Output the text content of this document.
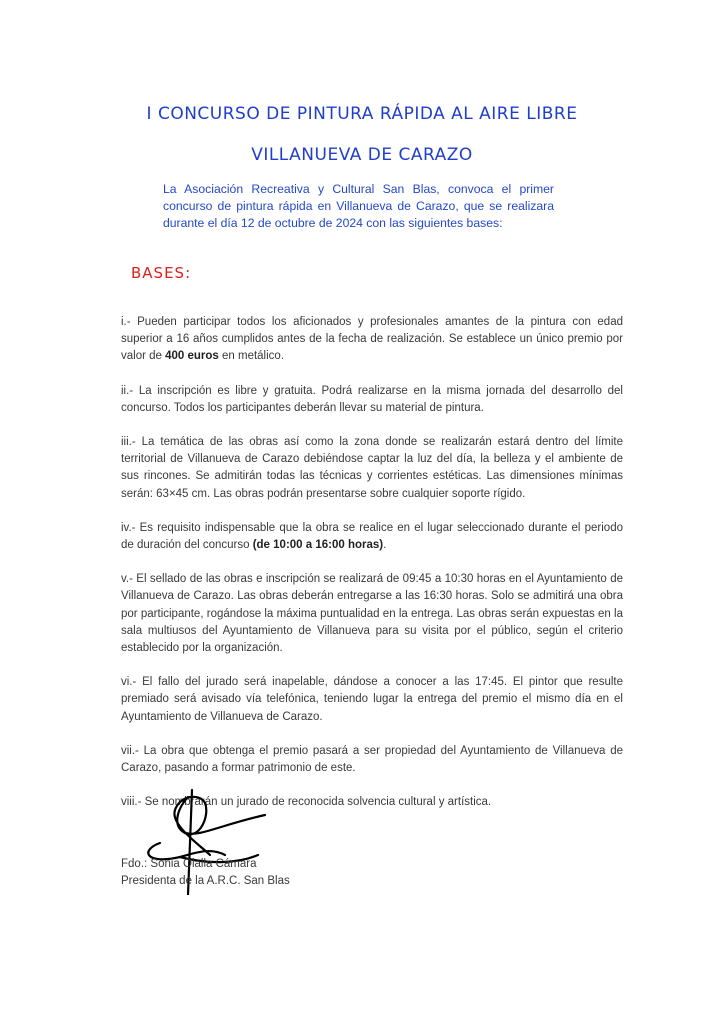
I CONCURSO DE PINTURA RÁPIDA AL AIRE LIBRE
VILLANUEVA DE CARAZO
La Asociación Recreativa y Cultural San Blas, convoca el primer concurso de pintura rápida en Villanueva de Carazo, que se realizara durante el día 12 de octubre de 2024 con las siguientes bases:
BASES:

i.- Pueden participar todos los aficionados y profesionales amantes de la pintura con edad superior a 16 años cumplidos antes de la fecha de realización. Se establece un único premio por valor de 400 euros en metálico.

ii.- La inscripción es libre y gratuita. Podrá realizarse en la misma jornada del desarrollo del concurso. Todos los participantes deberán llevar su material de pintura.

iii.- La temática de las obras así como la zona donde se realizarán estará dentro del límite territorial de Villanueva de Carazo debiéndose captar la luz del día, la belleza y el ambiente de sus rincones. Se admitirán todas las técnicas y corrientes estéticas. Las dimensiones mínimas serán: 63×45 cm. Las obras podrán presentarse sobre cualquier soporte rígido.

iv.- Es requisito indispensable que la obra se realice en el lugar seleccionado durante el periodo de duración del concurso (de 10:00 a 16:00 horas).

v.- El sellado de las obras e inscripción se realizará de 09:45 a 10:30 horas en el Ayuntamiento de Villanueva de Carazo. Las obras deberán entregarse a las 16:30 horas. Solo se admitirá una obra por participante, rogándose la máxima puntualidad en la entrega. Las obras serán expuestas en la sala multiusos del Ayuntamiento de Villanueva para su visita por el público, según el criterio establecido por la organización.

vi.- El fallo del jurado será inapelable, dándose a conocer a las 17:45. El pintor que resulte premiado será avisado vía telefónica, teniendo lugar la entrega del premio el mismo día en el Ayuntamiento de Villanueva de Carazo.

vii.- La obra que obtenga el premio pasará a ser propiedad del Ayuntamiento de Villanueva de Carazo, pasando a formar patrimonio de este.

viii.- Se nombrarán un jurado de reconocida solvencia cultural y artística.

Fdo.: Sonia Olalla Cámara
Presidenta de la A.R.C. San Blas
